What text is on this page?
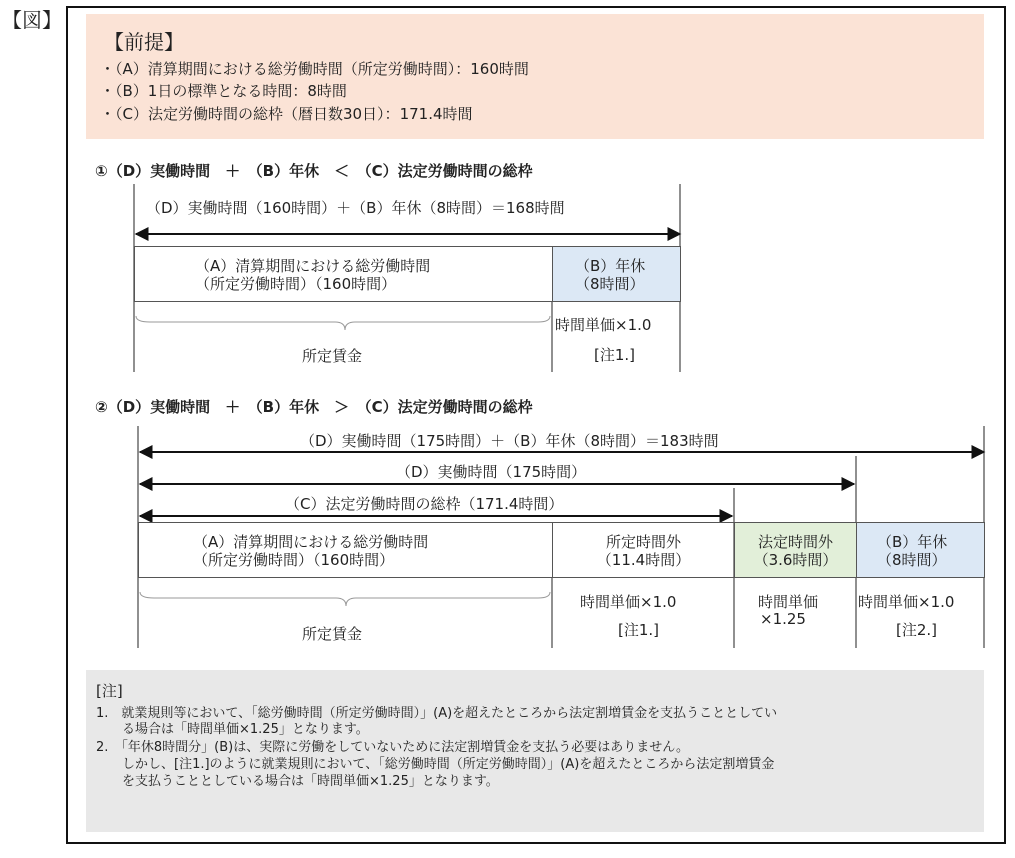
【図】
【前提】
・（A）清算期間における総労働時間（所定労働時間）：160時間
・（B）1日の標準となる時間：8時間
・（C）法定労働時間の総枠（暦日数30日）：171.4時間
①（D）実働時間　＋　（B）年休　＜　（C）法定労働時間の総枠
（D）実働時間（160時間）＋（B）年休（8時間）＝168時間
（A）清算期間における総労働時間
（所定労働時間）（160時間）
（B）年休
（8時間）
所定賃金
時間単価×1.0
[注1.]
②（D）実働時間　＋　（B）年休　＞　（C）法定労働時間の総枠
（D）実働時間（175時間）＋（B）年休（8時間）＝183時間
（D）実働時間（175時間）
（C）法定労働時間の総枠（171.4時間）
（A）清算期間における総労働時間
（所定労働時間）（160時間）
所定時間外
（11.4時間）
法定時間外
（3.6時間）
（B）年休
（8時間）
所定賃金
時間単価×1.0
[注1.]
時間単価
×1.25
時間単価×1.0
[注2.]
[注]
1.　就業規則等において、「総労働時間（所定労働時間）」(A)を超えたところから法定割増賃金を支払うこととしてい
　　る場合は「時間単価×1.25」となります。
2.　「年休8時間分」(B)は、実際に労働をしていないために法定割増賃金を支払う必要はありません。
　　しかし、[注1.]のように就業規則において、「総労働時間（所定労働時間）」(A)を超えたところから法定割増賃金
　　を支払うこととしている場合は「時間単価×1.25」となります。
